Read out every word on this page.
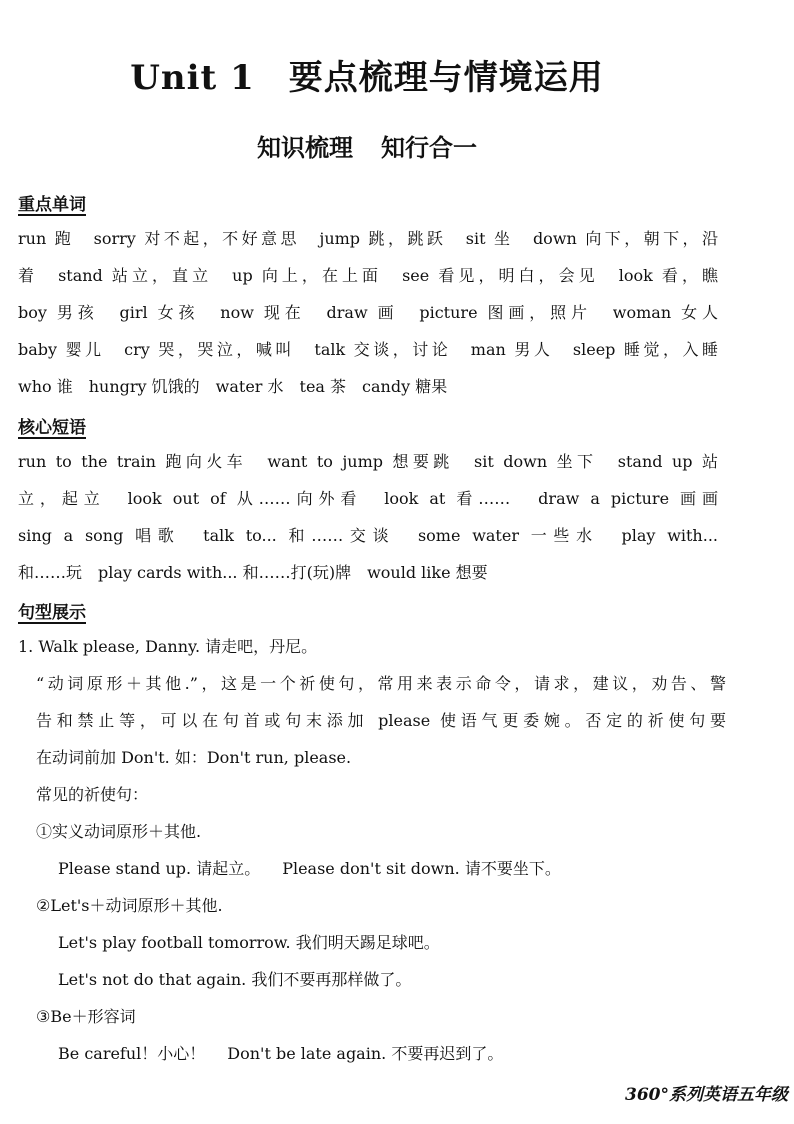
Unit 1 要点梳理与情境运用
知识梳理 知行合一
重点单词
run 跑　sorry 对不起，不好意思　jump 跳，跳跃　sit 坐　down 向下，朝下，沿
着　stand 站立，直立　up 向上，在上面　see 看见，明白，会见　look 看，瞧
boy 男孩　girl 女孩　now 现在　draw 画　picture 图画，照片　woman 女人
baby 婴儿　cry 哭，哭泣，喊叫　talk 交谈，讨论　man 男人　sleep 睡觉，入睡
who 谁　hungry 饥饿的　water 水　tea 茶　candy 糖果
核心短语
run to the train 跑向火车　want to jump 想要跳　sit down 坐下　stand up 站
立，起立　look out of 从……向外看　look at 看……　draw a picture 画画
sing a song 唱歌　talk to... 和……交谈　some water 一些水　play with...
和……玩　play cards with... 和……打(玩)牌　would like 想要
句型展示
1. Walk please, Danny. 请走吧，丹尼。
“动词原形＋其他.”，这是一个祈使句，常用来表示命令，请求，建议，劝告、警
告和禁止等，可以在句首或句末添加 please 使语气更委婉。否定的祈使句要
在动词前加 Don't. 如：Don't run, please.
常见的祈使句：
①实义动词原形＋其他.
Please stand up. 请起立。 Please don't sit down. 请不要坐下。
②Let's＋动词原形＋其他.
Let's play football tomorrow. 我们明天踢足球吧。
Let's not do that again. 我们不要再那样做了。
③Be＋形容词
Be careful！小心！ Don't be late again. 不要再迟到了。
360°系列英语五年级
